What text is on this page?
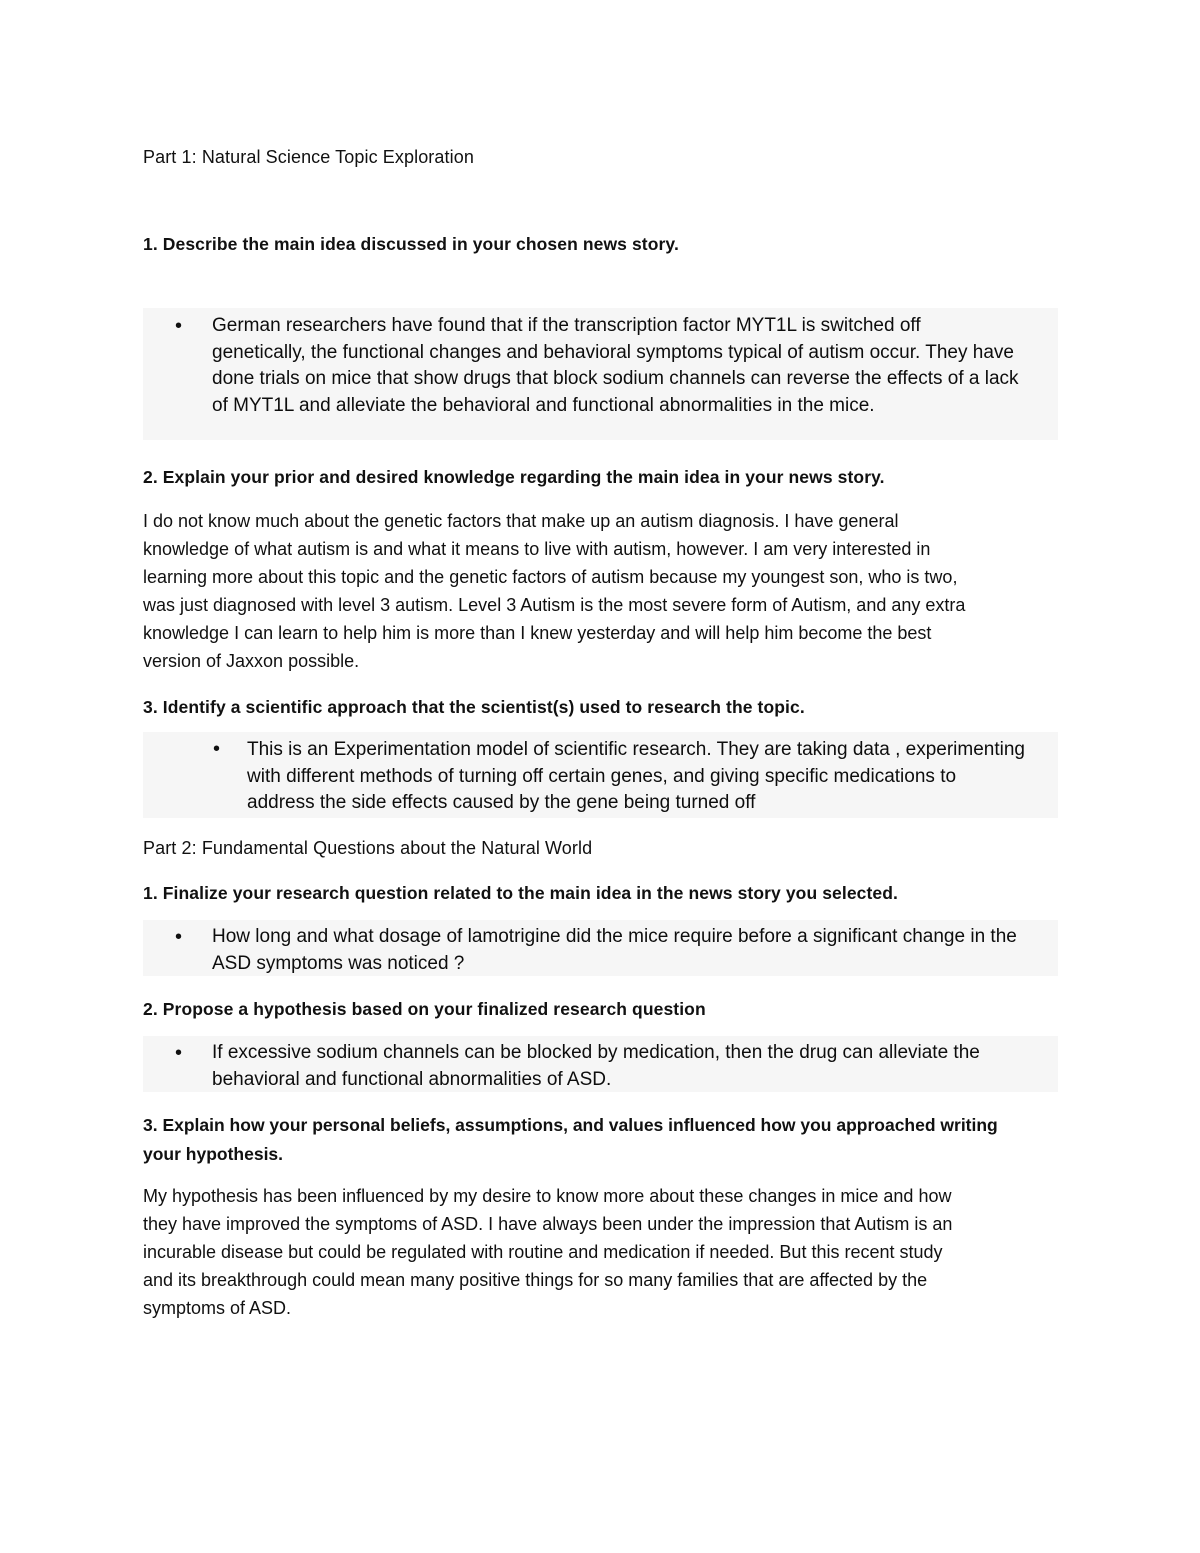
Part 1: Natural Science Topic Exploration
1. Describe the main idea discussed in your chosen news story.
• German researchers have found that if the transcription factor MYT1L is switched off
genetically, the functional changes and behavioral symptoms typical of autism occur. They have
done trials on mice that show drugs that block sodium channels can reverse the effects of a lack
of MYT1L and alleviate the behavioral and functional abnormalities in the mice.
2. Explain your prior and desired knowledge regarding the main idea in your news story.
I do not know much about the genetic factors that make up an autism diagnosis. I have general
knowledge of what autism is and what it means to live with autism, however. I am very interested in
learning more about this topic and the genetic factors of autism because my youngest son, who is two,
was just diagnosed with level 3 autism. Level 3 Autism is the most severe form of Autism, and any extra
knowledge I can learn to help him is more than I knew yesterday and will help him become the best
version of Jaxxon possible.
3. Identify a scientific approach that the scientist(s) used to research the topic.
• This is an Experimentation model of scientific research. They are taking data , experimenting
with different methods of turning off certain genes, and giving specific medications to
address the side effects caused by the gene being turned off
Part 2: Fundamental Questions about the Natural World
1. Finalize your research question related to the main idea in the news story you selected.
• How long and what dosage of lamotrigine did the mice require before a significant change in the
ASD symptoms was noticed ?
2. Propose a hypothesis based on your finalized research question
• If excessive sodium channels can be blocked by medication, then the drug can alleviate the
behavioral and functional abnormalities of ASD.
3. Explain how your personal beliefs, assumptions, and values influenced how you approached writing
your hypothesis.
My hypothesis has been influenced by my desire to know more about these changes in mice and how
they have improved the symptoms of ASD. I have always been under the impression that Autism is an
incurable disease but could be regulated with routine and medication if needed. But this recent study
and its breakthrough could mean many positive things for so many families that are affected by the
symptoms of ASD.
